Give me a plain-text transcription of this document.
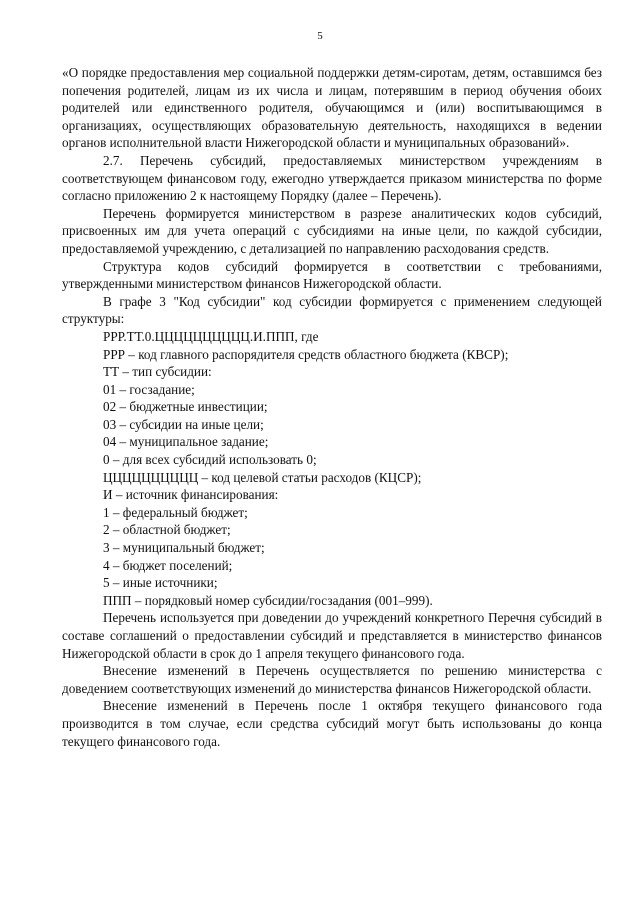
5

«О порядке предоставления мер социальной поддержки детям-сиротам, детям, оставшимся без попечения родителей, лицам из их числа и лицам, потерявшим в период обучения обоих родителей или единственного родителя, обучающимся и (или) воспитывающимся в организациях, осуществляющих образовательную деятельность, находящихся в ведении органов исполнительной власти Нижегородской области и муниципальных образований».

2.7. Перечень субсидий, предоставляемых министерством учреждениям в соответствующем финансовом году, ежегодно утверждается приказом министерства по форме согласно приложению 2 к настоящему Порядку (далее – Перечень).

Перечень формируется министерством в разрезе аналитических кодов субсидий, присвоенных им для учета операций с субсидиями на иные цели, по каждой субсидии, предоставляемой учреждению, с детализацией по направлению расходования средств.

Структура кодов субсидий формируется в соответствии с требованиями, утвержденными министерством финансов Нижегородской области.

В графе 3 "Код субсидии" код субсидии формируется с применением следующей структуры:

РРР.ТТ.0.ЦЦЦЦЦЦЦЦЦЦ.И.ППП, где

РРР – код главного распорядителя средств областного бюджета (КВСР);

ТТ – тип субсидии:

01 – госзадание;

02 – бюджетные инвестиции;

03 – субсидии на иные цели;

04 – муниципальное задание;

0 – для всех субсидий использовать 0;

ЦЦЦЦЦЦЦЦЦЦ – код целевой статьи расходов (КЦСР);

И – источник финансирования:

1 – федеральный бюджет;

2 – областной бюджет;

3 – муниципальный бюджет;

4 – бюджет поселений;

5 – иные источники;

ППП – порядковый номер субсидии/госзадания (001–999).

Перечень используется при доведении до учреждений конкретного Перечня субсидий в составе соглашений о предоставлении субсидий и представляется в министерство финансов Нижегородской области в срок до 1 апреля текущего финансового года.

Внесение изменений в Перечень осуществляется по решению министерства с доведением соответствующих изменений до министерства финансов Нижегородской области.

Внесение изменений в Перечень после 1 октября текущего финансового года производится в том случае, если средства субсидий могут быть использованы до конца текущего финансового года.
